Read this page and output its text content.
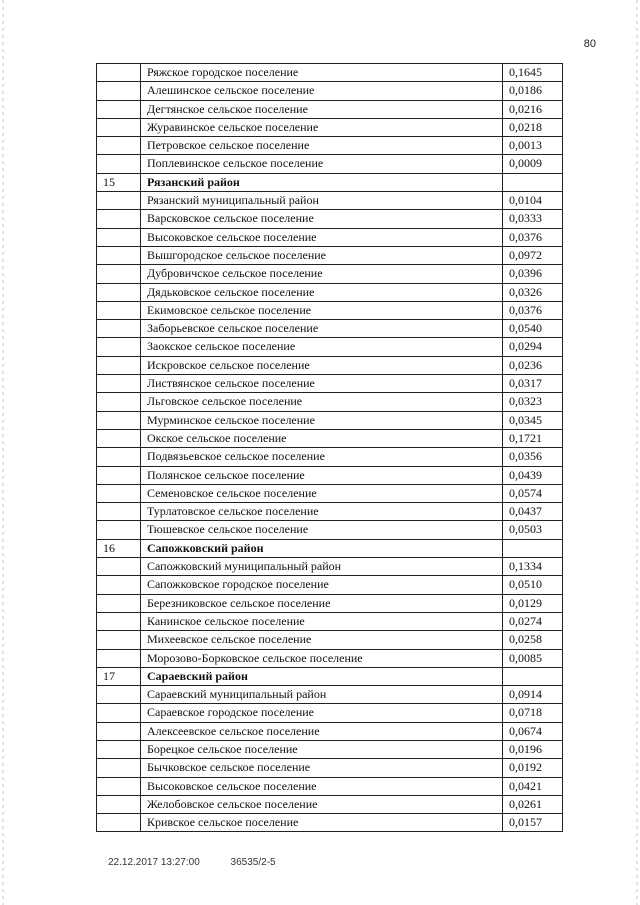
80
	Ряжское городское поселение	0,1645
	Алешинское сельское поселение	0,0186
	Дегтянское сельское поселение	0,0216
	Журавинское сельское поселение	0,0218
	Петровское сельское поселение	0,0013
	Поплевинское сельское поселение	0,0009
15	Рязанский район	
	Рязанский муниципальный район	0,0104
	Варсковское сельское поселение	0,0333
	Высоковское сельское поселение	0,0376
	Вышгородское сельское поселение	0,0972
	Дубровичское сельское поселение	0,0396
	Дядьковское сельское поселение	0,0326
	Екимовское сельское поселение	0,0376
	Заборьевское сельское поселение	0,0540
	Заокское сельское поселение	0,0294
	Искровское сельское поселение	0,0236
	Листвянское сельское поселение	0,0317
	Льговское сельское поселение	0,0323
	Мурминское сельское поселение	0,0345
	Окское сельское поселение	0,1721
	Подвязьевское сельское поселение	0,0356
	Полянское сельское поселение	0,0439
	Семеновское сельское поселение	0,0574
	Турлатовское сельское поселение	0,0437
	Тюшевское сельское поселение	0,0503
16	Сапожковский район	
	Сапожковский муниципальный район	0,1334
	Сапожковское городское поселение	0,0510
	Березниковское сельское поселение	0,0129
	Канинское сельское поселение	0,0274
	Михеевское сельское поселение	0,0258
	Морозово-Борковское сельское поселение	0,0085
17	Сараевский район	
	Сараевский муниципальный район	0,0914
	Сараевское городское поселение	0,0718
	Алексеевское сельское поселение	0,0674
	Борецкое сельское поселение	0,0196
	Бычковское сельское поселение	0,0192
	Высоковское сельское поселение	0,0421
	Желобовское сельское поселение	0,0261
	Кривское сельское поселение	0,0157
22.12.2017 13:27:00	36535/2-5
